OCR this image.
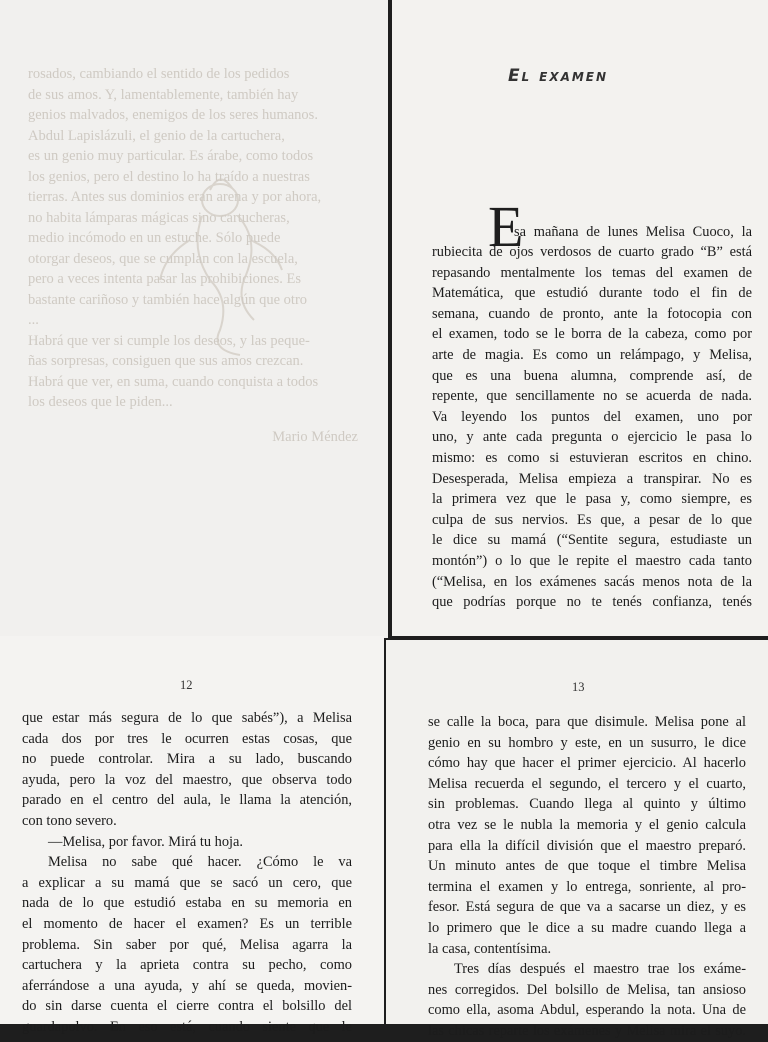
rosados, cambiando el sentido de los pedidos

de sus amos. Y, lamentablemente, también hay

genios malvados, enemigos de los seres humanos.

Abdul Lapislázuli, el genio de la cartuchera,

es un genio muy particular. Es árabe, como todos

los genios, pero el destino lo ha traído a nuestras

tierras. Antes sus dominios eran arena y por ahora,

no habita lámparas mágicas sino cartucheras,

medio incómodo en un estuche. Sólo puede

otorgar deseos, que se cumplan con la escuela,

pero a veces intenta pasar las prohibiciones. Es

bastante cariñoso y también hace algún que otro

...

Habrá que ver si cumple los deseos, y las peque-

ñas sorpresas, consiguen que sus amos crezcan.

Habrá que ver, en suma, cuando conquista a todos

los deseos que le piden...

Mario Méndez

El examen
E
sa mañana de lunes Melisa Cuoco, la
rubiecita de ojos verdosos de cuarto grado “B” está
repasando mentalmente los temas del examen de
Matemática, que estudió durante todo el fin de
semana, cuando de pronto, ante la fotocopia con
el examen, todo se le borra de la cabeza, como por
arte de magia. Es como un relámpago, y Melisa,
que es una buena alumna, comprende así, de
repente, que sencillamente no se acuerda de nada.
Va leyendo los puntos del examen, uno por
uno, y ante cada pregunta o ejercicio le pasa lo
mismo: es como si estuvieran escritos en chino.
Desesperada, Melisa empieza a transpirar. No es
la primera vez que le pasa y, como siempre, es
culpa de sus nervios. Es que, a pesar de lo que
le dice su mamá (“Sentite segura, estudiaste un
montón”) o lo que le repite el maestro cada tanto
(“Melisa, en los exámenes sacás menos nota de la
que podrías porque no te tenés confianza, tenés
12
que estar más segura de lo que sabés”), a Melisa
cada dos por tres le ocurren estas cosas, que
no puede controlar. Mira a su lado, buscando
ayuda, pero la voz del maestro, que observa todo
parado en el centro del aula, le llama la atención,
con tono severo.
—Melisa, por favor. Mirá tu hoja.
Melisa no sabe qué hacer. ¿Cómo le va
a explicar a su mamá que se sacó un cero, que
nada de lo que estudió estaba en su memoria en
el momento de hacer el examen? Es un terrible
problema. Sin saber por qué, Melisa agarra la
cartuchera y la aprieta contra su pecho, como
aferrándose a una ayuda, y ahí se queda, movien-
do sin darse cuenta el cierre contra el bolsillo del
guardapolvo. En eso está, cuando siente que le
13
se calle la boca, para que disimule. Melisa pone al
genio en su hombro y este, en un susurro, le dice
cómo hay que hacer el primer ejercicio. Al hacerlo
Melisa recuerda el segundo, el tercero y el cuarto,
sin problemas. Cuando llega al quinto y último
otra vez se le nubla la memoria y el genio calcula
para ella la difícil división que el maestro preparó.
Un minuto antes de que toque el timbre Melisa
termina el examen y lo entrega, sonriente, al pro-
fesor. Está segura de que va a sacarse un diez, y es
lo primero que le dice a su madre cuando llega a
la casa, contentísima.
Tres días después el maestro trae los exáme-
nes corregidos. Del bolsillo de Melisa, tan ansioso
como ella, asoma Abdul, esperando la nota. Una de
las chicas reparte los exámenes y Melisa mira el suyo.
